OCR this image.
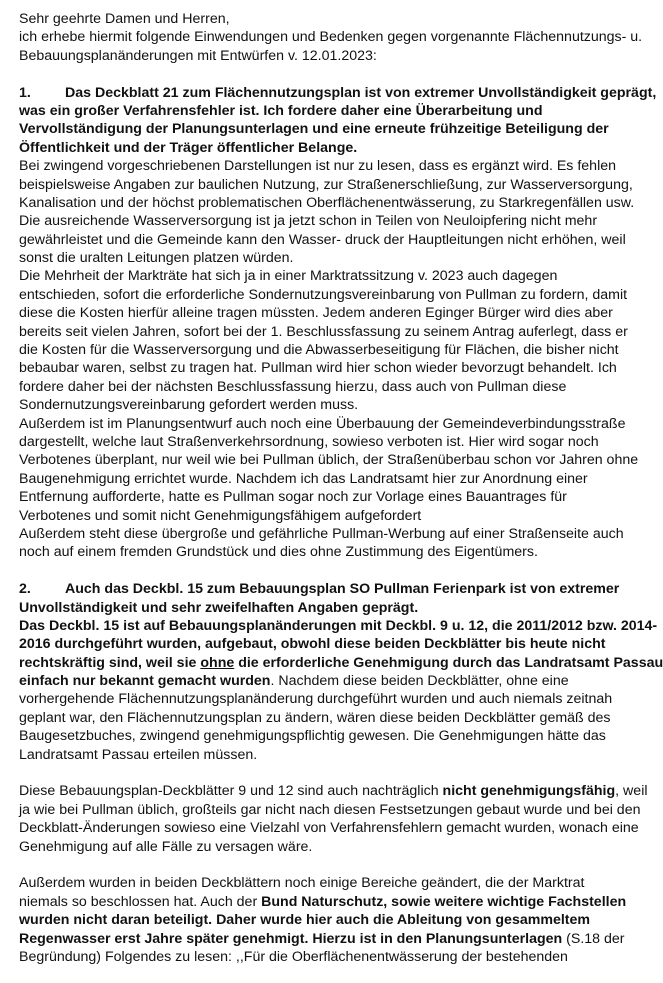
Sehr geehrte Damen und Herren,
ich erhebe hiermit folgende Einwendungen und Bedenken gegen vorgenannte Flächennutzungs- u.
Bebauungsplanänderungen mit Entwürfen v. 12.01.2023:
1. Das Deckblatt 21 zum Flächennutzungsplan ist von extremer Unvollständigkeit geprägt,
was ein großer Verfahrensfehler ist. Ich fordere daher eine Überarbeitung und
Vervollständigung der Planungsunterlagen und eine erneute frühzeitige Beteiligung der
Öffentlichkeit und der Träger öffentlicher Belange.
Bei zwingend vorgeschriebenen Darstellungen ist nur zu lesen, dass es ergänzt wird. Es fehlen
beispielsweise Angaben zur baulichen Nutzung, zur Straßenerschließung, zur Wasserversorgung,
Kanalisation und der höchst problematischen Oberflächenentwässerung, zu Starkregenfällen usw.
Die ausreichende Wasserversorgung ist ja jetzt schon in Teilen von Neuloipfering nicht mehr
gewährleistet und die Gemeinde kann den Wasser- druck der Hauptleitungen nicht erhöhen, weil
sonst die uralten Leitungen platzen würden.
Die Mehrheit der Markträte hat sich ja in einer Marktratssitzung v. 2023 auch dagegen
entschieden, sofort die erforderliche Sondernutzungsvereinbarung von Pullman zu fordern, damit
diese die Kosten hierfür alleine tragen müssten. Jedem anderen Eginger Bürger wird dies aber
bereits seit vielen Jahren, sofort bei der 1. Beschlussfassung zu seinem Antrag auferlegt, dass er
die Kosten für die Wasserversorgung und die Abwasserbeseitigung für Flächen, die bisher nicht
bebaubar waren, selbst zu tragen hat. Pullman wird hier schon wieder bevorzugt behandelt. Ich
fordere daher bei der nächsten Beschlussfassung hierzu, dass auch von Pullman diese
Sondernutzungsvereinbarung gefordert werden muss.
Außerdem ist im Planungsentwurf auch noch eine Überbauung der Gemeindeverbindungsstraße
dargestellt, welche laut Straßenverkehrsordnung, sowieso verboten ist. Hier wird sogar noch
Verbotenes überplant, nur weil wie bei Pullman üblich, der Straßenüberbau schon vor Jahren ohne
Baugenehmigung errichtet wurde. Nachdem ich das Landratsamt hier zur Anordnung einer
Entfernung aufforderte, hatte es Pullman sogar noch zur Vorlage eines Bauantrages für
Verbotenes und somit nicht Genehmigungsfähigem aufgefordert
Außerdem steht diese übergroße und gefährliche Pullman-Werbung auf einer Straßenseite auch
noch auf einem fremden Grundstück und dies ohne Zustimmung des Eigentümers.
2. Auch das Deckbl. 15 zum Bebauungsplan SO Pullman Ferienpark ist von extremer
Unvollständigkeit und sehr zweifelhaften Angaben geprägt.
Das Deckbl. 15 ist auf Bebauungsplanänderungen mit Deckbl. 9 u. 12, die 2011/2012 bzw. 2014-
2016 durchgeführt wurden, aufgebaut, obwohl diese beiden Deckblätter bis heute nicht
rechtskräftig sind, weil sie ohne die erforderliche Genehmigung durch das Landratsamt Passau
einfach nur bekannt gemacht wurden. Nachdem diese beiden Deckblätter, ohne eine
vorhergehende Flächennutzungsplanänderung durchgeführt wurden und auch niemals zeitnah
geplant war, den Flächennutzungsplan zu ändern, wären diese beiden Deckblätter gemäß des
Baugesetzbuches, zwingend genehmigungspflichtig gewesen. Die Genehmigungen hätte das
Landratsamt Passau erteilen müssen.
Diese Bebauungsplan-Deckblätter 9 und 12 sind auch nachträglich nicht genehmigungsfähig, weil
ja wie bei Pullman üblich, großteils gar nicht nach diesen Festsetzungen gebaut wurde und bei den
Deckblatt-Änderungen sowieso eine Vielzahl von Verfahrensfehlern gemacht wurden, wonach eine
Genehmigung auf alle Fälle zu versagen wäre.
Außerdem wurden in beiden Deckblättern noch einige Bereiche geändert, die der Marktrat
niemals so beschlossen hat. Auch der Bund Naturschutz, sowie weitere wichtige Fachstellen
wurden nicht daran beteiligt. Daher wurde hier auch die Ableitung von gesammeltem
Regenwasser erst Jahre später genehmigt. Hierzu ist in den Planungsunterlagen (S.18 der
Begründung) Folgendes zu lesen: ,,Für die Oberflächenentwässerung der bestehenden
